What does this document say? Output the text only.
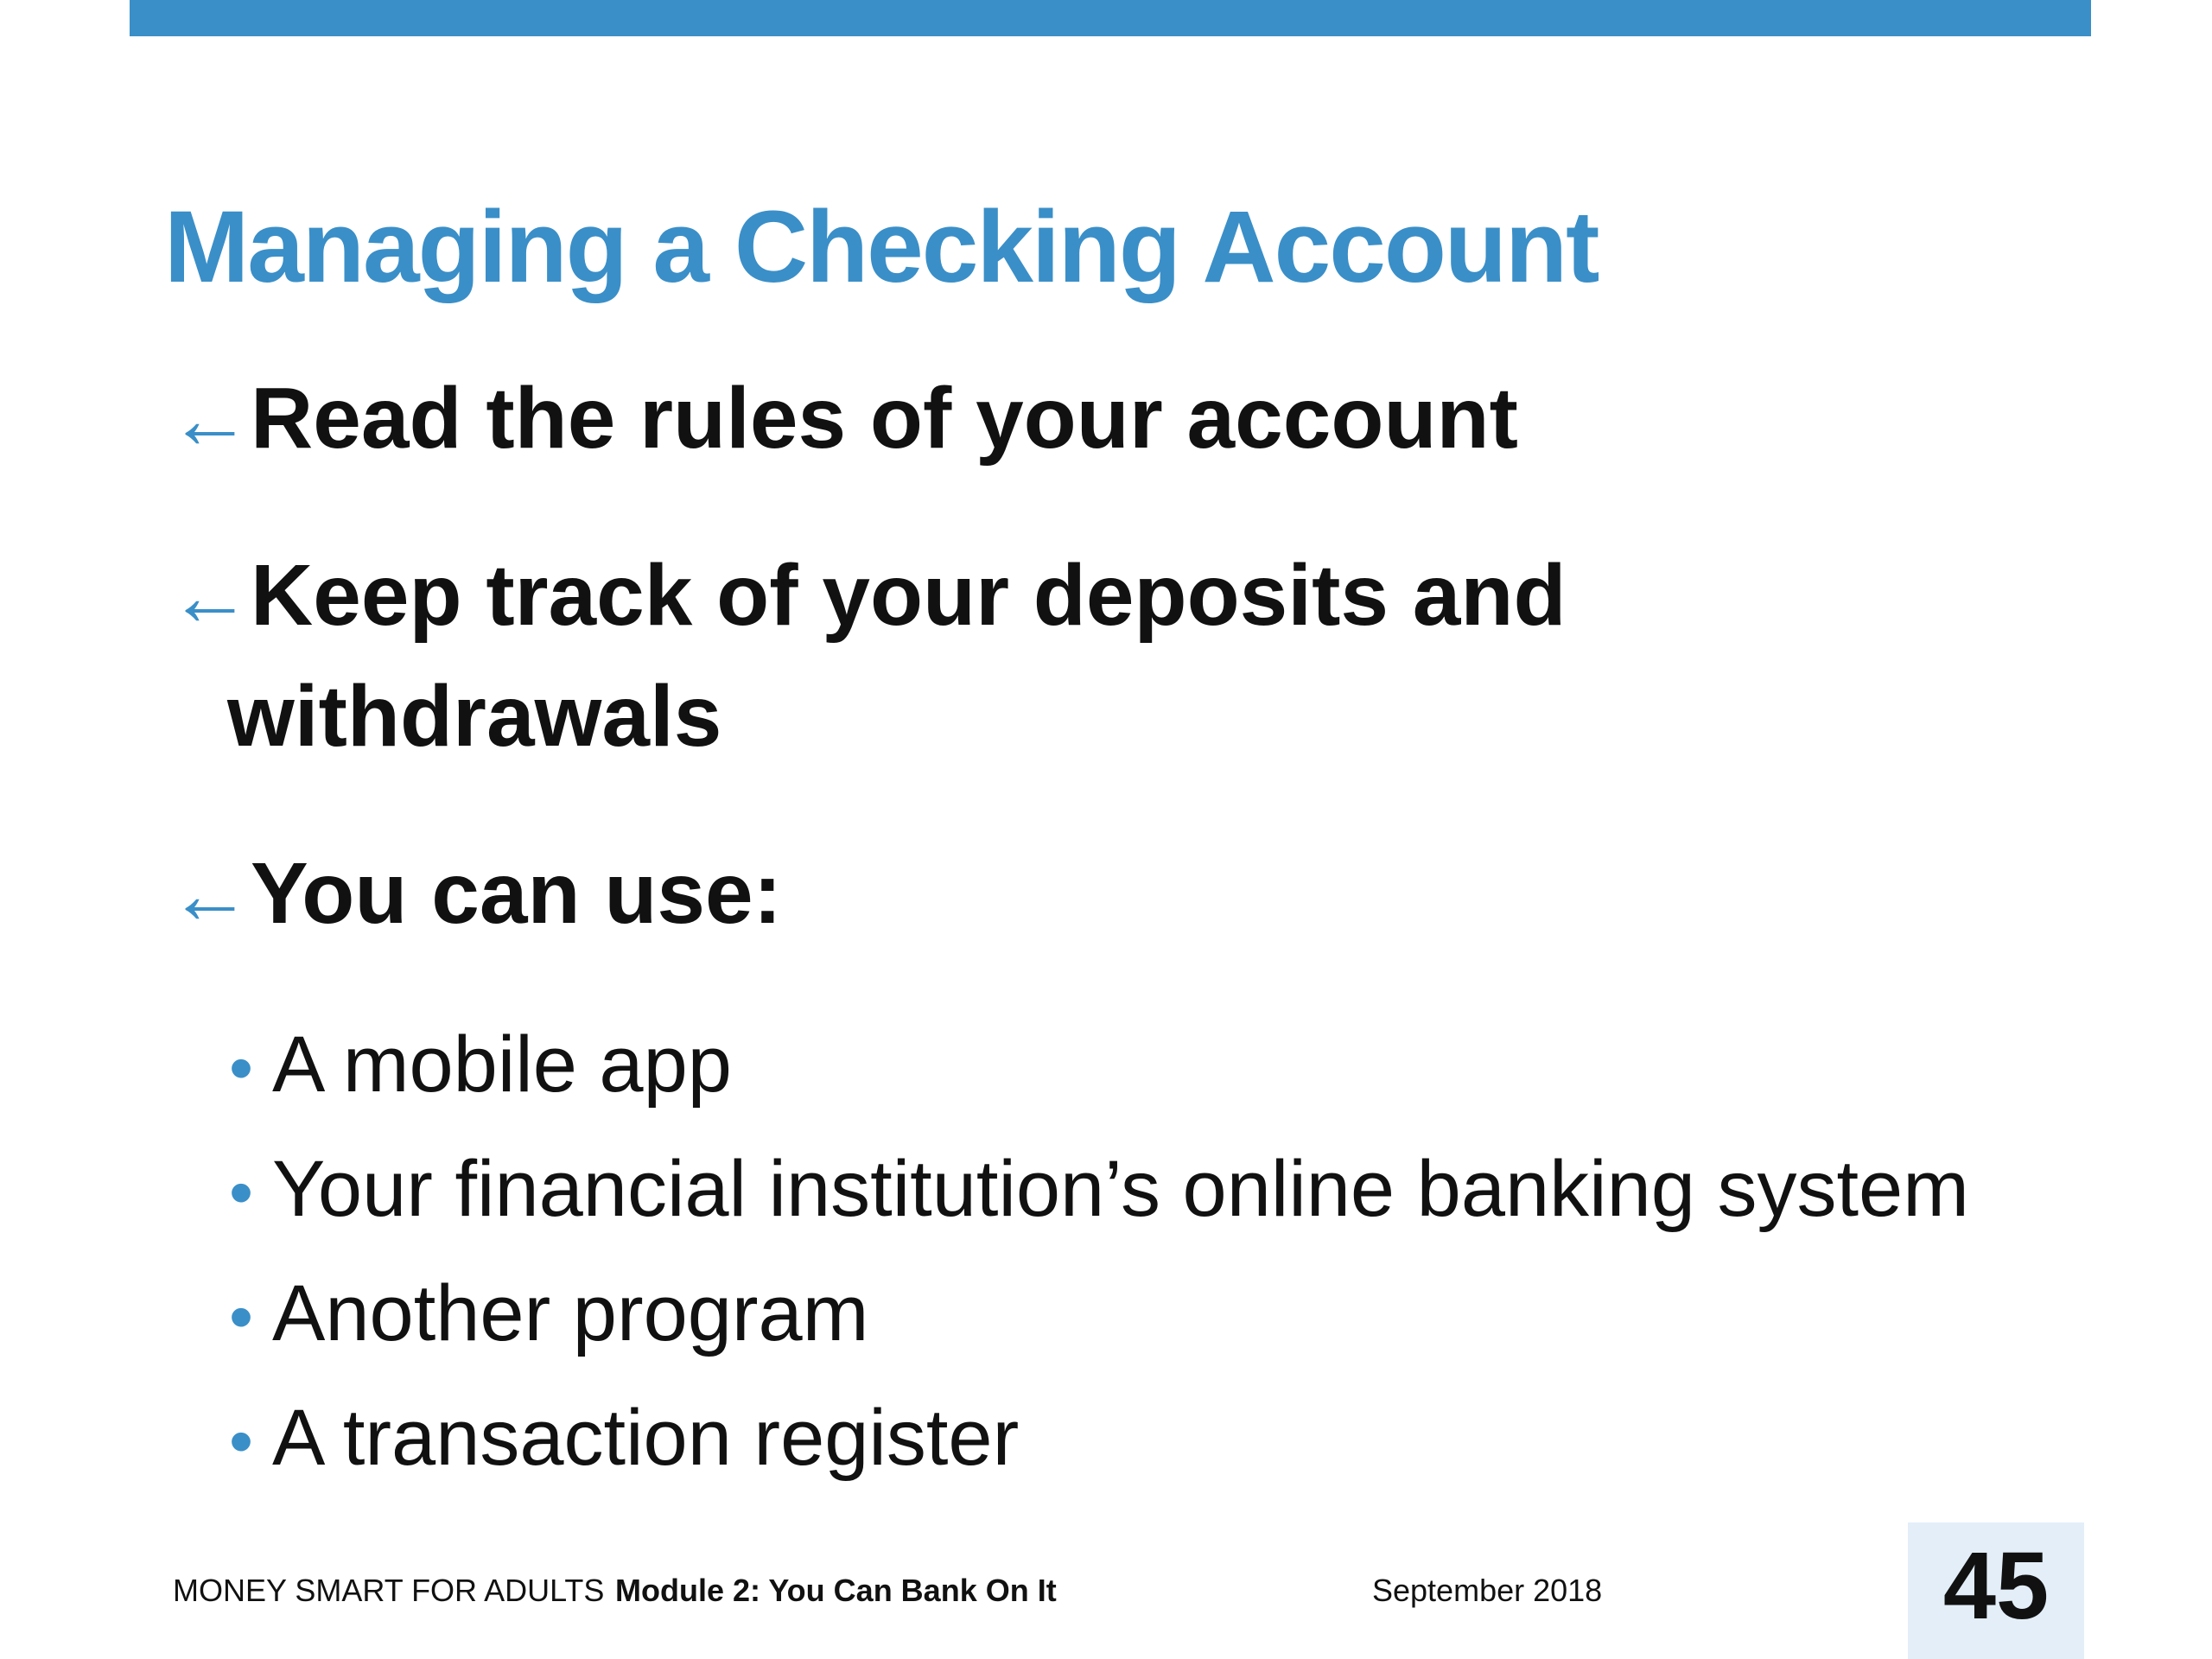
Managing a Checking Account
←Read the rules of your account
←Keep track of your deposits and
withdrawals
←You can use:
• A mobile app
• Your financial institution’s online banking system
• Another program
• A transaction register
MONEY SMART FOR ADULTS Module 2: You Can Bank On It	September 2018	45
